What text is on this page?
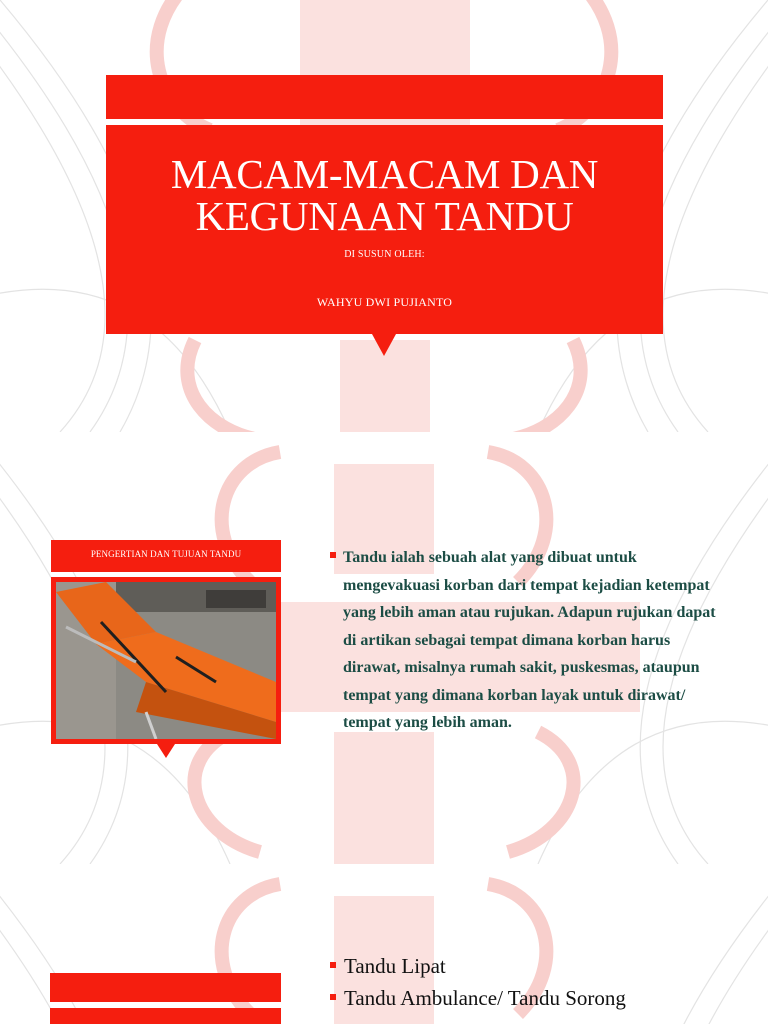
MACAM-MACAM DAN
KEGUNAAN TANDU
DI SUSUN OLEH:
WAHYU DWI PUJIANTO
PENGERTIAN DAN TUJUAN TANDU	Tandu ialah sebuah alat yang dibuat untuk mengevakuasi korban dari tempat kejadian ketempat yang lebih aman atau rujukan. Adapun rujukan dapat di artikan sebagai tempat dimana korban harus dirawat, misalnya rumah sakit, puskesmas, ataupun tempat yang dimana korban layak untuk dirawat/ tempat yang lebih aman.
Tandu Lipat
Tandu Ambulance/ Tandu Sorong
